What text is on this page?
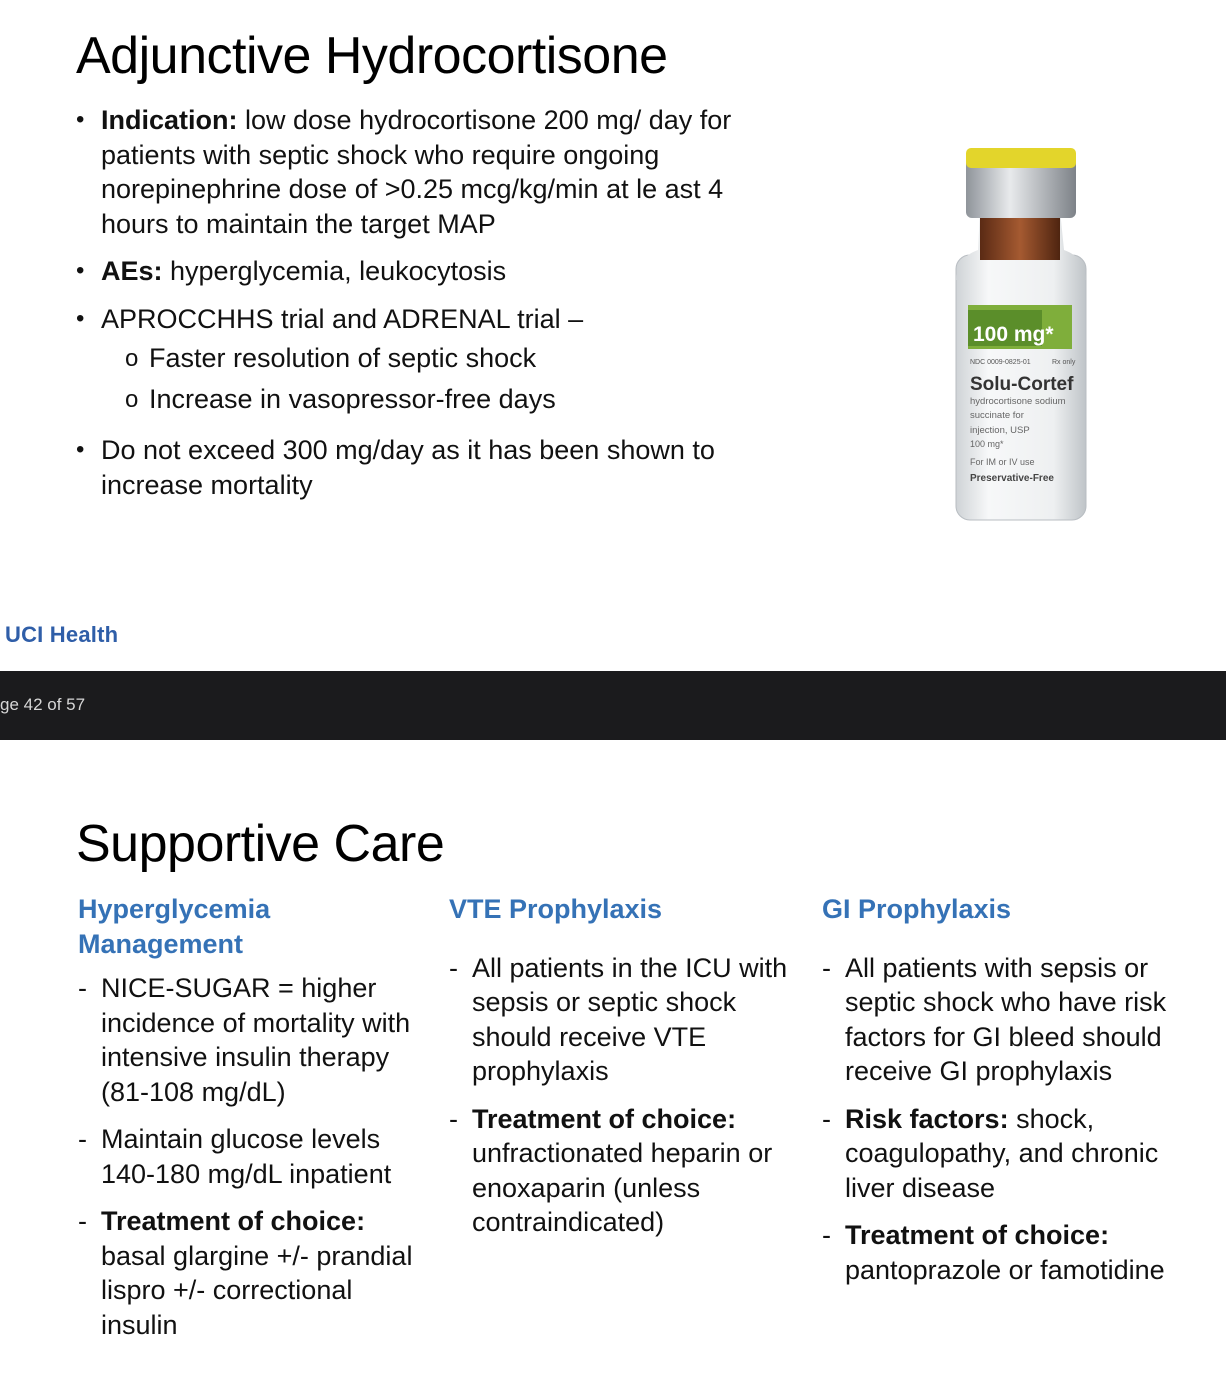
Adjunctive Hydrocortisone
• Indication: low dose hydrocortisone 200 mg/ day for patients with septic shock who require ongoing norepinephrine dose of >0.25 mcg/kg/min at le ast 4 hours to maintain the target MAP
• AEs: hyperglycemia, leukocytosis
• APROCCHHS trial and ADRENAL trial –
o Faster resolution of septic shock
o Increase in vasopressor-free days
• Do not exceed 300 mg/day as it has been shown to increase mortality
100 mg*
NDC 0009-0825-01	Rx only
Solu-Cortef
hydrocortisone sodium
succinate for
injection, USP
100 mg*
For IM or IV use
Preservative-Free
UCI Health
ge 42 of 57
Supportive Care
Hyperglycemia Management
- NICE-SUGAR = higher incidence of mortality with intensive insulin therapy (81-108 mg/dL)
- Maintain glucose levels 140-180 mg/dL inpatient
- Treatment of choice: basal glargine +/- prandial lispro +/- correctional insulin
VTE Prophylaxis
- All patients in the ICU with sepsis or septic shock should receive VTE prophylaxis
- Treatment of choice: unfractionated heparin or enoxaparin (unless contraindicated)
GI Prophylaxis
- All patients with sepsis or septic shock who have risk factors for GI bleed should receive GI prophylaxis
- Risk factors: shock, coagulopathy, and chronic liver disease
- Treatment of choice: pantoprazole or famotidine
